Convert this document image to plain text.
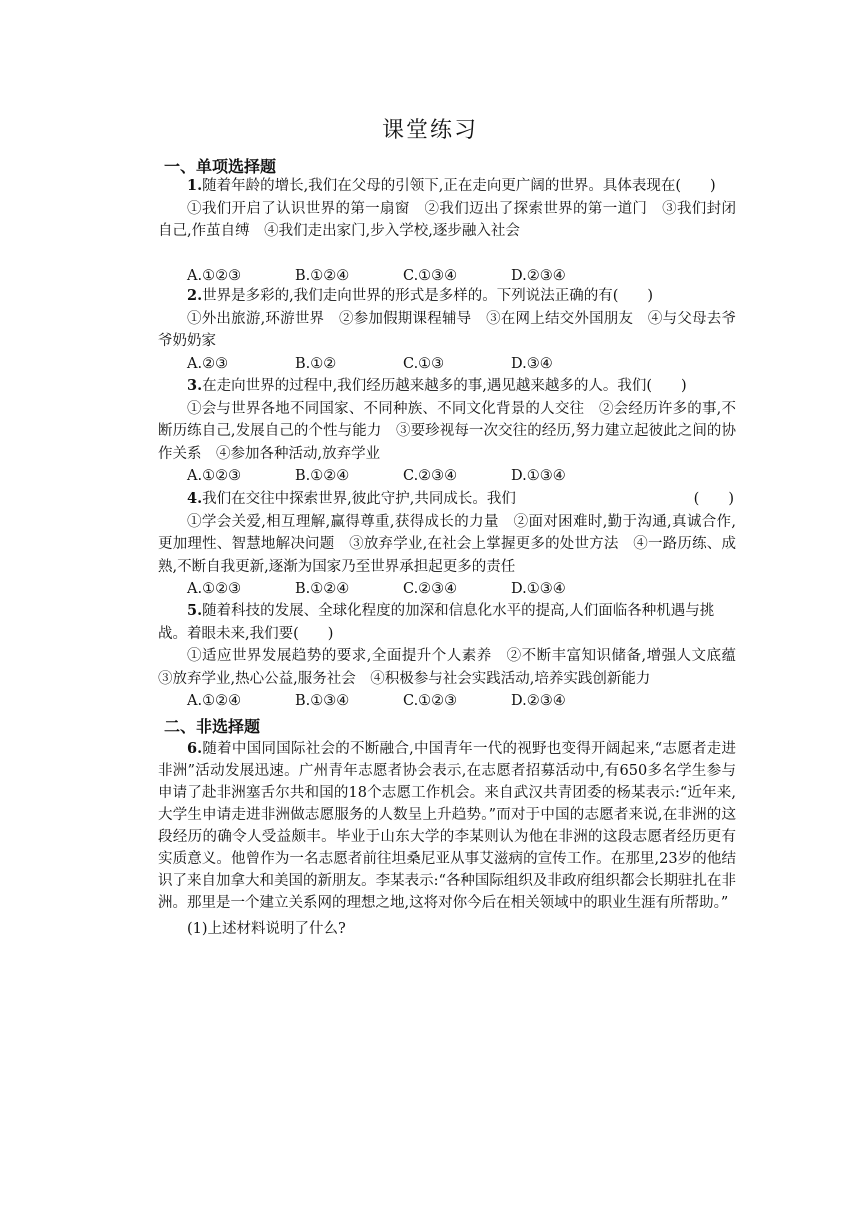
课堂练习
一、单项选择题

1.随着年龄的增长,我们在父母的引领下,正在走向更广阔的世界。具体表现在(　　)

①我们开启了认识世界的第一扇窗　②我们迈出了探索世界的第一道门　③我们封闭自己,作茧自缚　④我们走出家门,步入学校,逐步融入社会

A.①②③	B.①②④	C.①③④	D.②③④

2.世界是多彩的,我们走向世界的形式是多样的。下列说法正确的有(　　)

①外出旅游,环游世界　②参加假期课程辅导　③在网上结交外国朋友　④与父母去爷爷奶奶家

A.②③	B.①②	C.①③	D.③④

3.在走向世界的过程中,我们经历越来越多的事,遇见越来越多的人。我们(　　)

①会与世界各地不同国家、不同种族、不同文化背景的人交往　②会经历许多的事,不断历练自己,发展自己的个性与能力　③要珍视每一次交往的经历,努力建立起彼此之间的协作关系　④参加各种活动,放弃学业

A.①②③	B.①②④	C.②③④	D.①③④

4.我们在交往中探索世界,彼此守护,共同成长。我们	(　　)

①学会关爱,相互理解,赢得尊重,获得成长的力量　②面对困难时,勤于沟通,真诚合作,更加理性、智慧地解决问题　③放弃学业,在社会上掌握更多的处世方法　④一路历练、成熟,不断自我更新,逐渐为国家乃至世界承担起更多的责任

A.①②③	B.①②④	C.②③④	D.①③④

5.随着科技的发展、全球化程度的加深和信息化水平的提高,人们面临各种机遇与挑战。着眼未来,我们要(　　)

①适应世界发展趋势的要求,全面提升个人素养　②不断丰富知识储备,增强人文底蕴　③放弃学业,热心公益,服务社会　④积极参与社会实践活动,培养实践创新能力

A.①②④	B.①③④	C.①②③	D.②③④
二、非选择题

6.随着中国同国际社会的不断融合,中国青年一代的视野也变得开阔起来,“志愿者走进非洲”活动发展迅速。广州青年志愿者协会表示,在志愿者招募活动中,有650多名学生参与申请了赴非洲塞舌尔共和国的18个志愿工作机会。来自武汉共青团委的杨某表示:“近年来,大学生申请走进非洲做志愿服务的人数呈上升趋势。”而对于中国的志愿者来说,在非洲的这段经历的确令人受益颇丰。毕业于山东大学的李某则认为他在非洲的这段志愿者经历更有实质意义。他曾作为一名志愿者前往坦桑尼亚从事艾滋病的宣传工作。在那里,23岁的他结识了来自加拿大和美国的新朋友。李某表示:“各种国际组织及非政府组织都会长期驻扎在非洲。那里是一个建立关系网的理想之地,这将对你今后在相关领域中的职业生涯有所帮助。”

(1)上述材料说明了什么?
